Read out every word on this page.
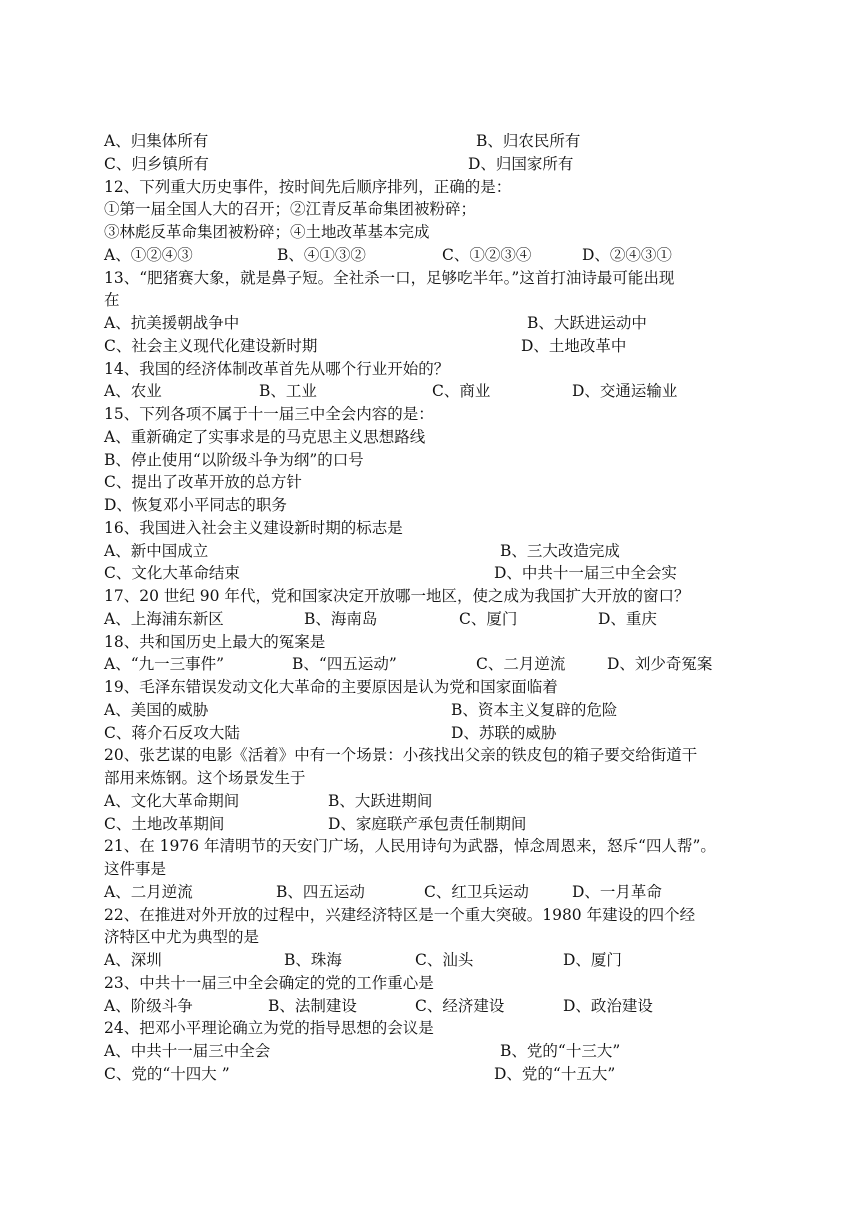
A、归集体所有	B、归农民所有
C、归乡镇所有	D、归国家所有
12、下列重大历史事件，按时间先后顺序排列，正确的是：
①第一届全国人大的召开；②江青反革命集团被粉碎；
③林彪反革命集团被粉碎；④土地改革基本完成
A、①②④③	B、④①③②	C、①②③④	D、②④③①
13、“肥猪赛大象，就是鼻子短。全社杀一口，足够吃半年。”这首打油诗最可能出现
在
A、抗美援朝战争中	B、大跃进运动中
C、社会主义现代化建设新时期	D、土地改革中
14、我国的经济体制改革首先从哪个行业开始的？
A、农业	B、工业	C、商业	D、交通运输业
15、下列各项不属于十一届三中全会内容的是：
A、重新确定了实事求是的马克思主义思想路线
B、停止使用“以阶级斗争为纲”的口号
C、提出了改革开放的总方针
D、恢复邓小平同志的职务
16、我国进入社会主义建设新时期的标志是
A、新中国成立	B、三大改造完成
C、文化大革命结束	D、中共十一届三中全会实
17、20 世纪 90 年代，党和国家决定开放哪一地区，使之成为我国扩大开放的窗口？
A、上海浦东新区	B、海南岛	C、厦门	D、重庆
18、共和国历史上最大的冤案是
A、“九一三事件”	B、“四五运动”	C、二月逆流	D、刘少奇冤案
19、毛泽东错误发动文化大革命的主要原因是认为党和国家面临着
A、美国的威胁	B、资本主义复辟的危险
C、蒋介石反攻大陆	D、苏联的威胁
20、张艺谋的电影《活着》中有一个场景：小孩找出父亲的铁皮包的箱子要交给街道干
部用来炼钢。这个场景发生于
A、文化大革命期间	B、大跃进期间
C、土地改革期间	D、家庭联产承包责任制期间
21、在 1976 年清明节的天安门广场，人民用诗句为武器，悼念周恩来，怒斥“四人帮”。
这件事是
A、二月逆流	B、四五运动	C、红卫兵运动	D、一月革命
22、在推进对外开放的过程中，兴建经济特区是一个重大突破。1980 年建设的四个经
济特区中尤为典型的是
A、深圳	B、珠海	C、汕头	D、厦门
23、中共十一届三中全会确定的党的工作重心是
A、阶级斗争	B、法制建设	C、经济建设	D、政治建设
24、把邓小平理论确立为党的指导思想的会议是
A、中共十一届三中全会	B、党的“十三大”
C、党的“十四大 ”	D、党的“十五大”
